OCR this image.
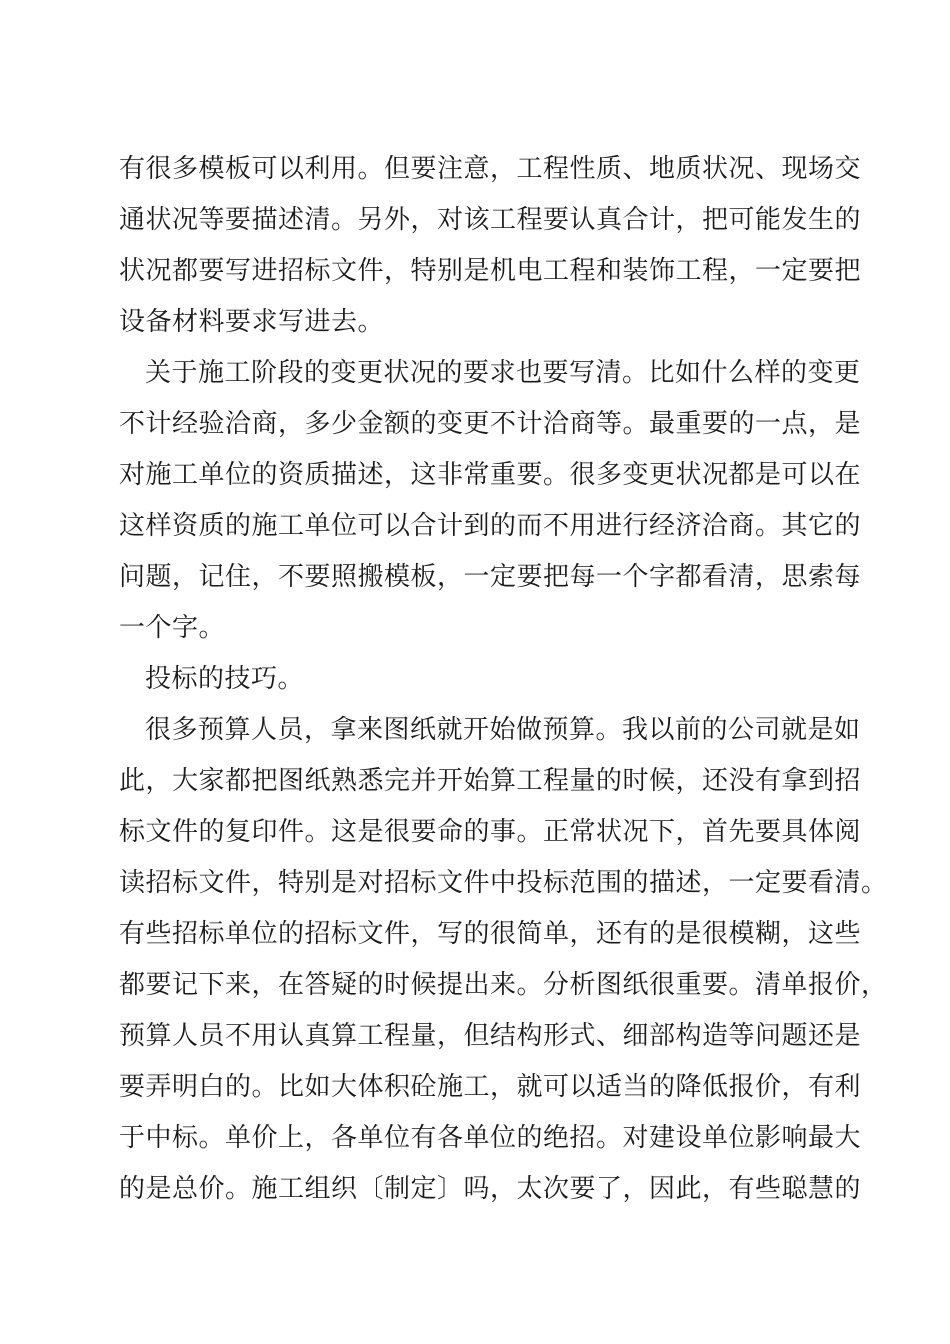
有很多模板可以利用。但要注意，工程性质、地质状况、现场交
通状况等要描述清。另外，对该工程要认真合计，把可能发生的
状况都要写进招标文件，特别是机电工程和装饰工程，一定要把
设备材料要求写进去。
关于施工阶段的变更状况的要求也要写清。比如什么样的变更
不计经验洽商，多少金额的变更不计洽商等。最重要的一点，是
对施工单位的资质描述，这非常重要。很多变更状况都是可以在
这样资质的施工单位可以合计到的而不用进行经济洽商。其它的
问题，记住，不要照搬模板，一定要把每一个字都看清，思索每
一个字。
投标的技巧。
很多预算人员，拿来图纸就开始做预算。我以前的公司就是如
此，大家都把图纸熟悉完并开始算工程量的时候，还没有拿到招
标文件的复印件。这是很要命的事。正常状况下，首先要具体阅
读招标文件，特别是对招标文件中投标范围的描述，一定要看清。
有些招标单位的招标文件，写的很简单，还有的是很模糊，这些
都要记下来，在答疑的时候提出来。分析图纸很重要。清单报价，
预算人员不用认真算工程量，但结构形式、细部构造等问题还是
要弄明白的。比如大体积砼施工，就可以适当的降低报价，有利
于中标。单价上，各单位有各单位的绝招。对建设单位影响最大
的是总价。施工组织〔制定〕吗，太次要了，因此，有些聪慧的
